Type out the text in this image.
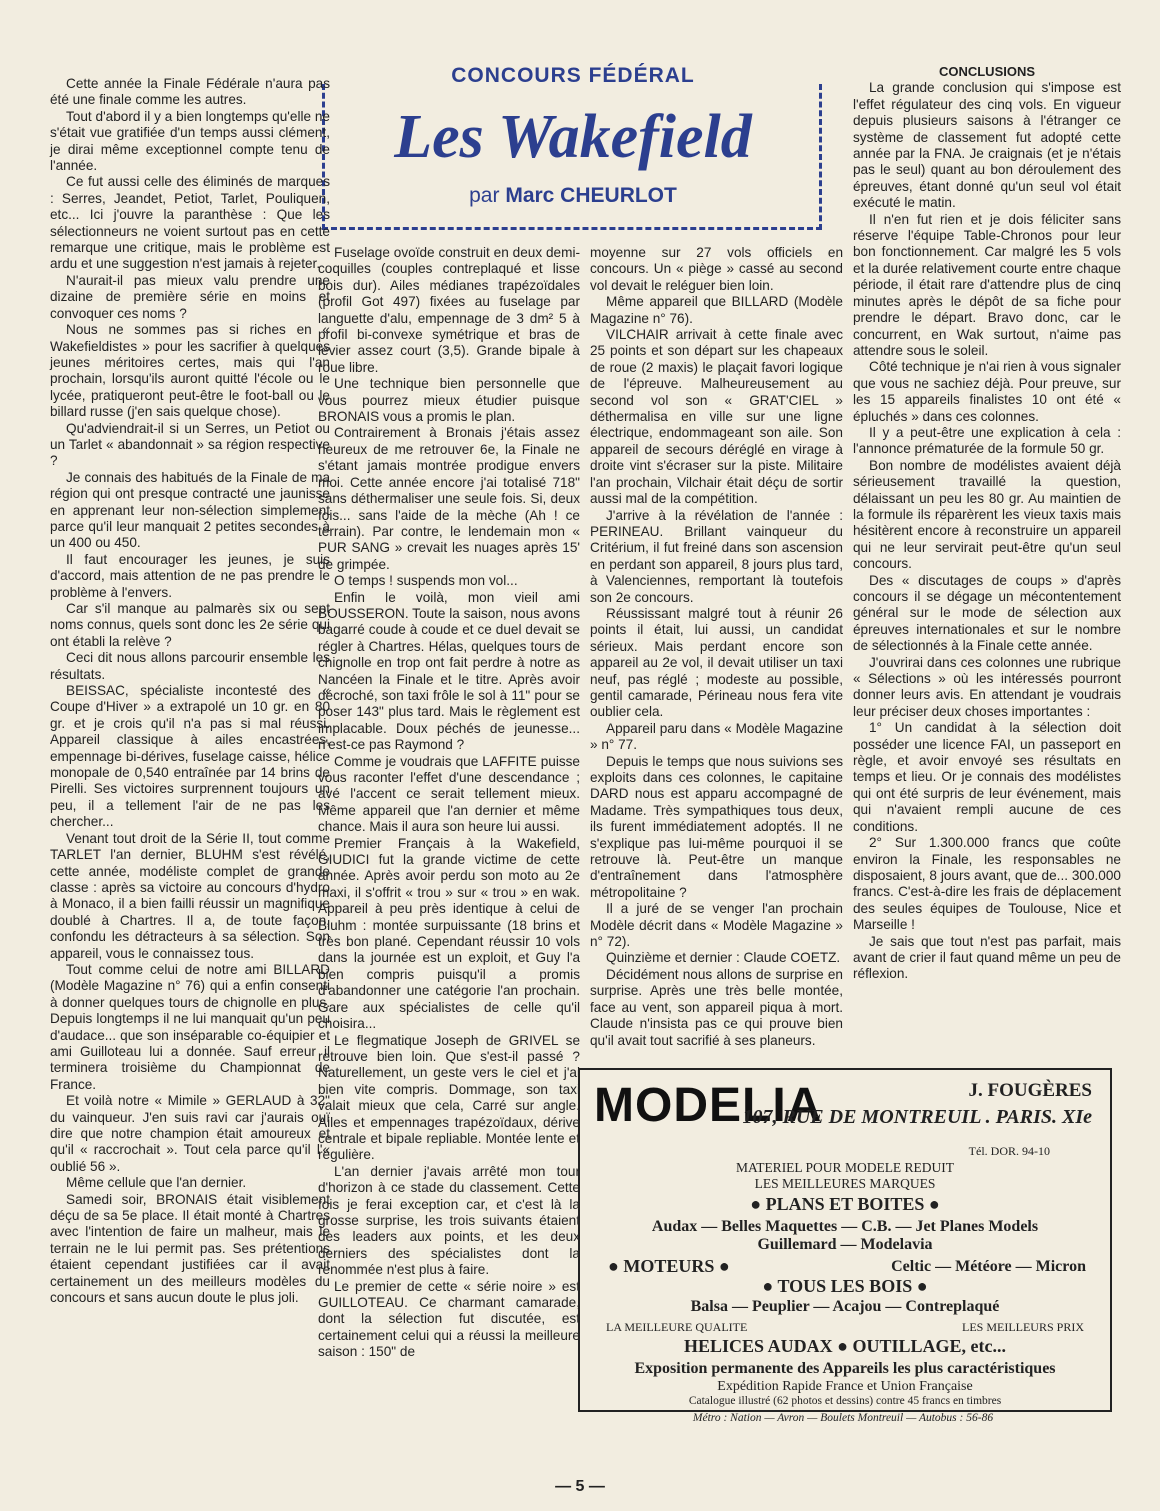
CONCOURS FÉDÉRAL
Les Wakefield
par Marc CHEURLOT

Cette année la Finale Fédérale n'aura pas été une finale comme les autres.

Tout d'abord il y a bien longtemps qu'elle ne s'était vue gratifiée d'un temps aussi clément, je dirai même exceptionnel compte tenu de l'année.

Ce fut aussi celle des éliminés de marques : Serres, Jeandet, Petiot, Tarlet, Pouliquen, etc... Ici j'ouvre la paranthèse : Que les sélectionneurs ne voient surtout pas en cette remarque une critique, mais le problème est ardu et une suggestion n'est jamais à rejeter.

N'aurait-il pas mieux valu prendre une dizaine de première série en moins et convoquer ces noms ?

Nous ne sommes pas si riches en « Wakefieldistes » pour les sacrifier à quelques jeunes méritoires certes, mais qui l'an prochain, lorsqu'ils auront quitté l'école ou le lycée, pratiqueront peut-être le foot-ball ou le billard russe (j'en sais quelque chose).

Qu'adviendrait-il si un Serres, un Petiot ou un Tarlet « abandonnait » sa région respective ?

Je connais des habitués de la Finale de ma région qui ont presque contracté une jaunisse en apprenant leur non-sélection simplement parce qu'il leur manquait 2 petites secondes à un 400 ou 450.

Il faut encourager les jeunes, je suis d'accord, mais attention de ne pas prendre le problème à l'envers.

Car s'il manque au palmarès six ou sept noms connus, quels sont donc les 2e série qui ont établi la relève ?

Ceci dit nous allons parcourir ensemble les résultats.

BEISSAC, spécialiste incontesté des « Coupe d'Hiver » a extrapolé un 10 gr. en 80 gr. et je crois qu'il n'a pas si mal réussi. Appareil classique à ailes encastrées, empennage bi-dérives, fuselage caisse, hélice monopale de 0,540 entraînée par 14 brins de Pirelli. Ses victoires surprennent toujours un peu, il a tellement l'air de ne pas les chercher...

Venant tout droit de la Série II, tout comme TARLET l'an dernier, BLUHM s'est révélé, cette année, modéliste complet de grande classe : après sa victoire au concours d'hydro à Monaco, il a bien failli réussir un magnifique doublé à Chartres. Il a, de toute façon, confondu les détracteurs à sa sélection. Son appareil, vous le connaissez tous.

Tout comme celui de notre ami BILLARD (Modèle Magazine n° 76) qui a enfin consenti à donner quelques tours de chignolle en plus. Depuis longtemps il ne lui manquait qu'un peu d'audace... que son inséparable co-équipier et ami Guilloteau lui a donnée. Sauf erreur il terminera troisième du Championnat de France.

Et voilà notre « Mimile » GERLAUD à 32" du vainqueur. J'en suis ravi car j'aurais ouï dire que notre champion était amoureux et qu'il « raccrochait ». Tout cela parce qu'il l'« oublié 56 ».

Même cellule que l'an dernier.

Samedi soir, BRONAIS était visiblement déçu de sa 5e place. Il était monté à Chartres avec l'intention de faire un malheur, mais le terrain ne le lui permit pas. Ses prétentions étaient cependant justifiées car il avait certainement un des meilleurs modèles du concours et sans aucun doute le plus joli.

Fuselage ovoïde construit en deux demi-coquilles (couples contreplaqué et lisse bois dur). Ailes médianes trapézoïdales (profil Got 497) fixées au fuselage par languette d'alu, empennage de 3 dm² 5 à profil bi-convexe symétrique et bras de levier assez court (3,5). Grande bipale à roue libre.

Une technique bien personnelle que vous pourrez mieux étudier puisque BRONAIS vous a promis le plan.

Contrairement à Bronais j'étais assez heureux de me retrouver 6e, la Finale ne s'étant jamais montrée prodigue envers moi. Cette année encore j'ai totalisé 718" sans déthermaliser une seule fois. Si, deux fois... sans l'aide de la mèche (Ah ! ce terrain). Par contre, le lendemain mon « PUR SANG » crevait les nuages après 15' de grimpée.

O temps ! suspends mon vol...

Enfin le voilà, mon vieil ami BOUSSERON. Toute la saison, nous avons bagarré coude à coude et ce duel devait se régler à Chartres. Hélas, quelques tours de chignolle en trop ont fait perdre à notre as Nancéen la Finale et le titre. Après avoir décroché, son taxi frôle le sol à 11" pour se poser 143" plus tard. Mais le règlement est implacable. Doux péchés de jeunesse... n'est-ce pas Raymond ?

Comme je voudrais que LAFFITE puisse vous raconter l'effet d'une descendance ; avé l'accent ce serait tellement mieux. Même appareil que l'an dernier et même chance. Mais il aura son heure lui aussi.

Premier Français à la Wakefield, GIUDICI fut la grande victime de cette année. Après avoir perdu son moto au 2e maxi, il s'offrit « trou » sur « trou » en wak. Appareil à peu près identique à celui de Bluhm : montée surpuissante (18 brins et très bon plané. Cependant réussir 10 vols dans la journée est un exploit, et Guy l'a bien compris puisqu'il a promis d'abandonner une catégorie l'an prochain. Gare aux spécialistes de celle qu'il choisira...

Le flegmatique Joseph de GRIVEL se retrouve bien loin. Que s'est-il passé ? Naturellement, un geste vers le ciel et j'ai bien vite compris. Dommage, son taxi valait mieux que cela, Carré sur angle. Ailes et empennages trapézoïdaux, dérive centrale et bipale repliable. Montée lente et régulière.

L'an dernier j'avais arrêté mon tour d'horizon à ce stade du classement. Cette fois je ferai exception car, et c'est là la grosse surprise, les trois suivants étaient des leaders aux points, et les deux derniers des spécialistes dont la renommée n'est plus à faire.

Le premier de cette « série noire » est GUILLOTEAU. Ce charmant camarade, dont la sélection fut discutée, est certainement celui qui a réussi la meilleure saison : 150" de

moyenne sur 27 vols officiels en concours. Un « piège » cassé au second vol devait le reléguer bien loin.

Même appareil que BILLARD (Modèle Magazine n° 76).

VILCHAIR arrivait à cette finale avec 25 points et son départ sur les chapeaux de roue (2 maxis) le plaçait favori logique de l'épreuve. Malheureusement au second vol son « GRAT'CIEL » déthermalisa en ville sur une ligne électrique, endommageant son aile. Son appareil de secours déréglé en virage à droite vint s'écraser sur la piste. Militaire l'an prochain, Vilchair était déçu de sortir aussi mal de la compétition.

J'arrive à la révélation de l'année : PERINEAU. Brillant vainqueur du Critérium, il fut freiné dans son ascension en perdant son appareil, 8 jours plus tard, à Valenciennes, remportant là toutefois son 2e concours.

Réussissant malgré tout à réunir 26 points il était, lui aussi, un candidat sérieux. Mais perdant encore son appareil au 2e vol, il devait utiliser un taxi neuf, pas réglé ; modeste au possible, gentil camarade, Périneau nous fera vite oublier cela.

Appareil paru dans « Modèle Magazine » n° 77.

Depuis le temps que nous suivions ses exploits dans ces colonnes, le capitaine DARD nous est apparu accompagné de Madame. Très sympathiques tous deux, ils furent immédiatement adoptés. Il ne s'explique pas lui-même pourquoi il se retrouve là. Peut-être un manque d'entraînement dans l'atmosphère métropolitaine ?

Il a juré de se venger l'an prochain Modèle décrit dans « Modèle Magazine » n° 72).

Quinzième et dernier : Claude COETZ.

Décidément nous allons de surprise en surprise. Après une très belle montée, face au vent, son appareil piqua à mort. Claude n'insista pas ce qui prouve bien qu'il avait tout sacrifié à ses planeurs.

CONCLUSIONS

La grande conclusion qui s'impose est l'effet régulateur des cinq vols. En vigueur depuis plusieurs saisons à l'étranger ce système de classement fut adopté cette année par la FNA. Je craignais (et je n'étais pas le seul) quant au bon déroulement des épreuves, étant donné qu'un seul vol était exécuté le matin.

Il n'en fut rien et je dois féliciter sans réserve l'équipe Table-Chronos pour leur bon fonctionnement. Car malgré les 5 vols et la durée relativement courte entre chaque période, il était rare d'attendre plus de cinq minutes après le dépôt de sa fiche pour prendre le départ. Bravo donc, car le concurrent, en Wak surtout, n'aime pas attendre sous le soleil.

Côté technique je n'ai rien à vous signaler que vous ne sachiez déjà. Pour preuve, sur les 15 appareils finalistes 10 ont été « épluchés » dans ces colonnes.

Il y a peut-être une explication à cela : l'annonce prématurée de la formule 50 gr.

Bon nombre de modélistes avaient déjà sérieusement travaillé la question, délaissant un peu les 80 gr. Au maintien de la formule ils réparèrent les vieux taxis mais hésitèrent encore à reconstruire un appareil qui ne leur servirait peut-être qu'un seul concours.

Des « discutages de coups » d'après concours il se dégage un mécontentement général sur le mode de sélection aux épreuves internationales et sur le nombre de sélectionnés à la Finale cette année.

J'ouvrirai dans ces colonnes une rubrique « Sélections » où les intéressés pourront donner leurs avis. En attendant je voudrais leur préciser deux choses importantes :

1° Un candidat à la sélection doit posséder une licence FAI, un passeport en règle, et avoir envoyé ses résultats en temps et lieu. Or je connais des modélistes qui ont été surpris de leur événement, mais qui n'avaient rempli aucune de ces conditions.

2° Sur 1.300.000 francs que coûte environ la Finale, les responsables ne disposaient, 8 jours avant, que de... 300.000 francs. C'est-à-dire les frais de déplacement des seules équipes de Toulouse, Nice et Marseille !

Je sais que tout n'est pas parfait, mais avant de crier il faut quand même un peu de réflexion.

MODELIA	J. FOUGÈRES
107, RUE DE MONTREUIL . PARIS. XIe
Tél. DOR. 94-10
MATERIEL POUR MODELE REDUIT
LES MEILLEURES MARQUES
● PLANS ET BOITES ●
Audax — Belles Maquettes — C.B. — Jet Planes Models
Guillemard — Modelavia
● MOTEURS ●	Celtic — Météore — Micron
● TOUS LES BOIS ●
Balsa — Peuplier — Acajou — Contreplaqué
LA MEILLEURE QUALITE	LES MEILLEURS PRIX
HELICES AUDAX ● OUTILLAGE, etc...
Exposition permanente des Appareils les plus caractéristiques
Expédition Rapide France et Union Française
Catalogue illustré (62 photos et dessins) contre 45 francs en timbres
Métro : Nation — Avron — Boulets Montreuil — Autobus : 56-86
— 5 —
